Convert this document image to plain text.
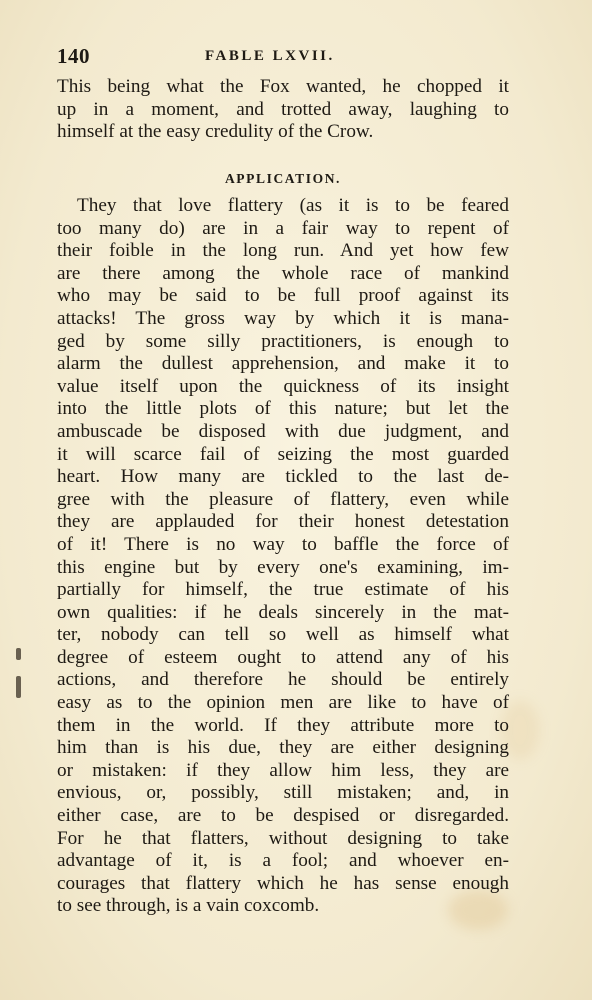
140	FABLE LXVII.
This being what the Fox wanted, he chopped it
up in a moment, and trotted away, laughing to
himself at the easy credulity of the Crow.
APPLICATION.
They that love flattery (as it is to be feared
too many do) are in a fair way to repent of
their foible in the long run. And yet how few
are there among the whole race of mankind
who may be said to be full proof against its
attacks! The gross way by which it is mana-
ged by some silly practitioners, is enough to
alarm the dullest apprehension, and make it to
value itself upon the quickness of its insight
into the little plots of this nature; but let the
ambuscade be disposed with due judgment, and
it will scarce fail of seizing the most guarded
heart. How many are tickled to the last de-
gree with the pleasure of flattery, even while
they are applauded for their honest detestation
of it! There is no way to baffle the force of
this engine but by every one's examining, im-
partially for himself, the true estimate of his
own qualities: if he deals sincerely in the mat-
ter, nobody can tell so well as himself what
degree of esteem ought to attend any of his
actions, and therefore he should be entirely
easy as to the opinion men are like to have of
them in the world. If they attribute more to
him than is his due, they are either designing
or mistaken: if they allow him less, they are
envious, or, possibly, still mistaken; and, in
either case, are to be despised or disregarded.
For he that flatters, without designing to take
advantage of it, is a fool; and whoever en-
courages that flattery which he has sense enough
to see through, is a vain coxcomb.
